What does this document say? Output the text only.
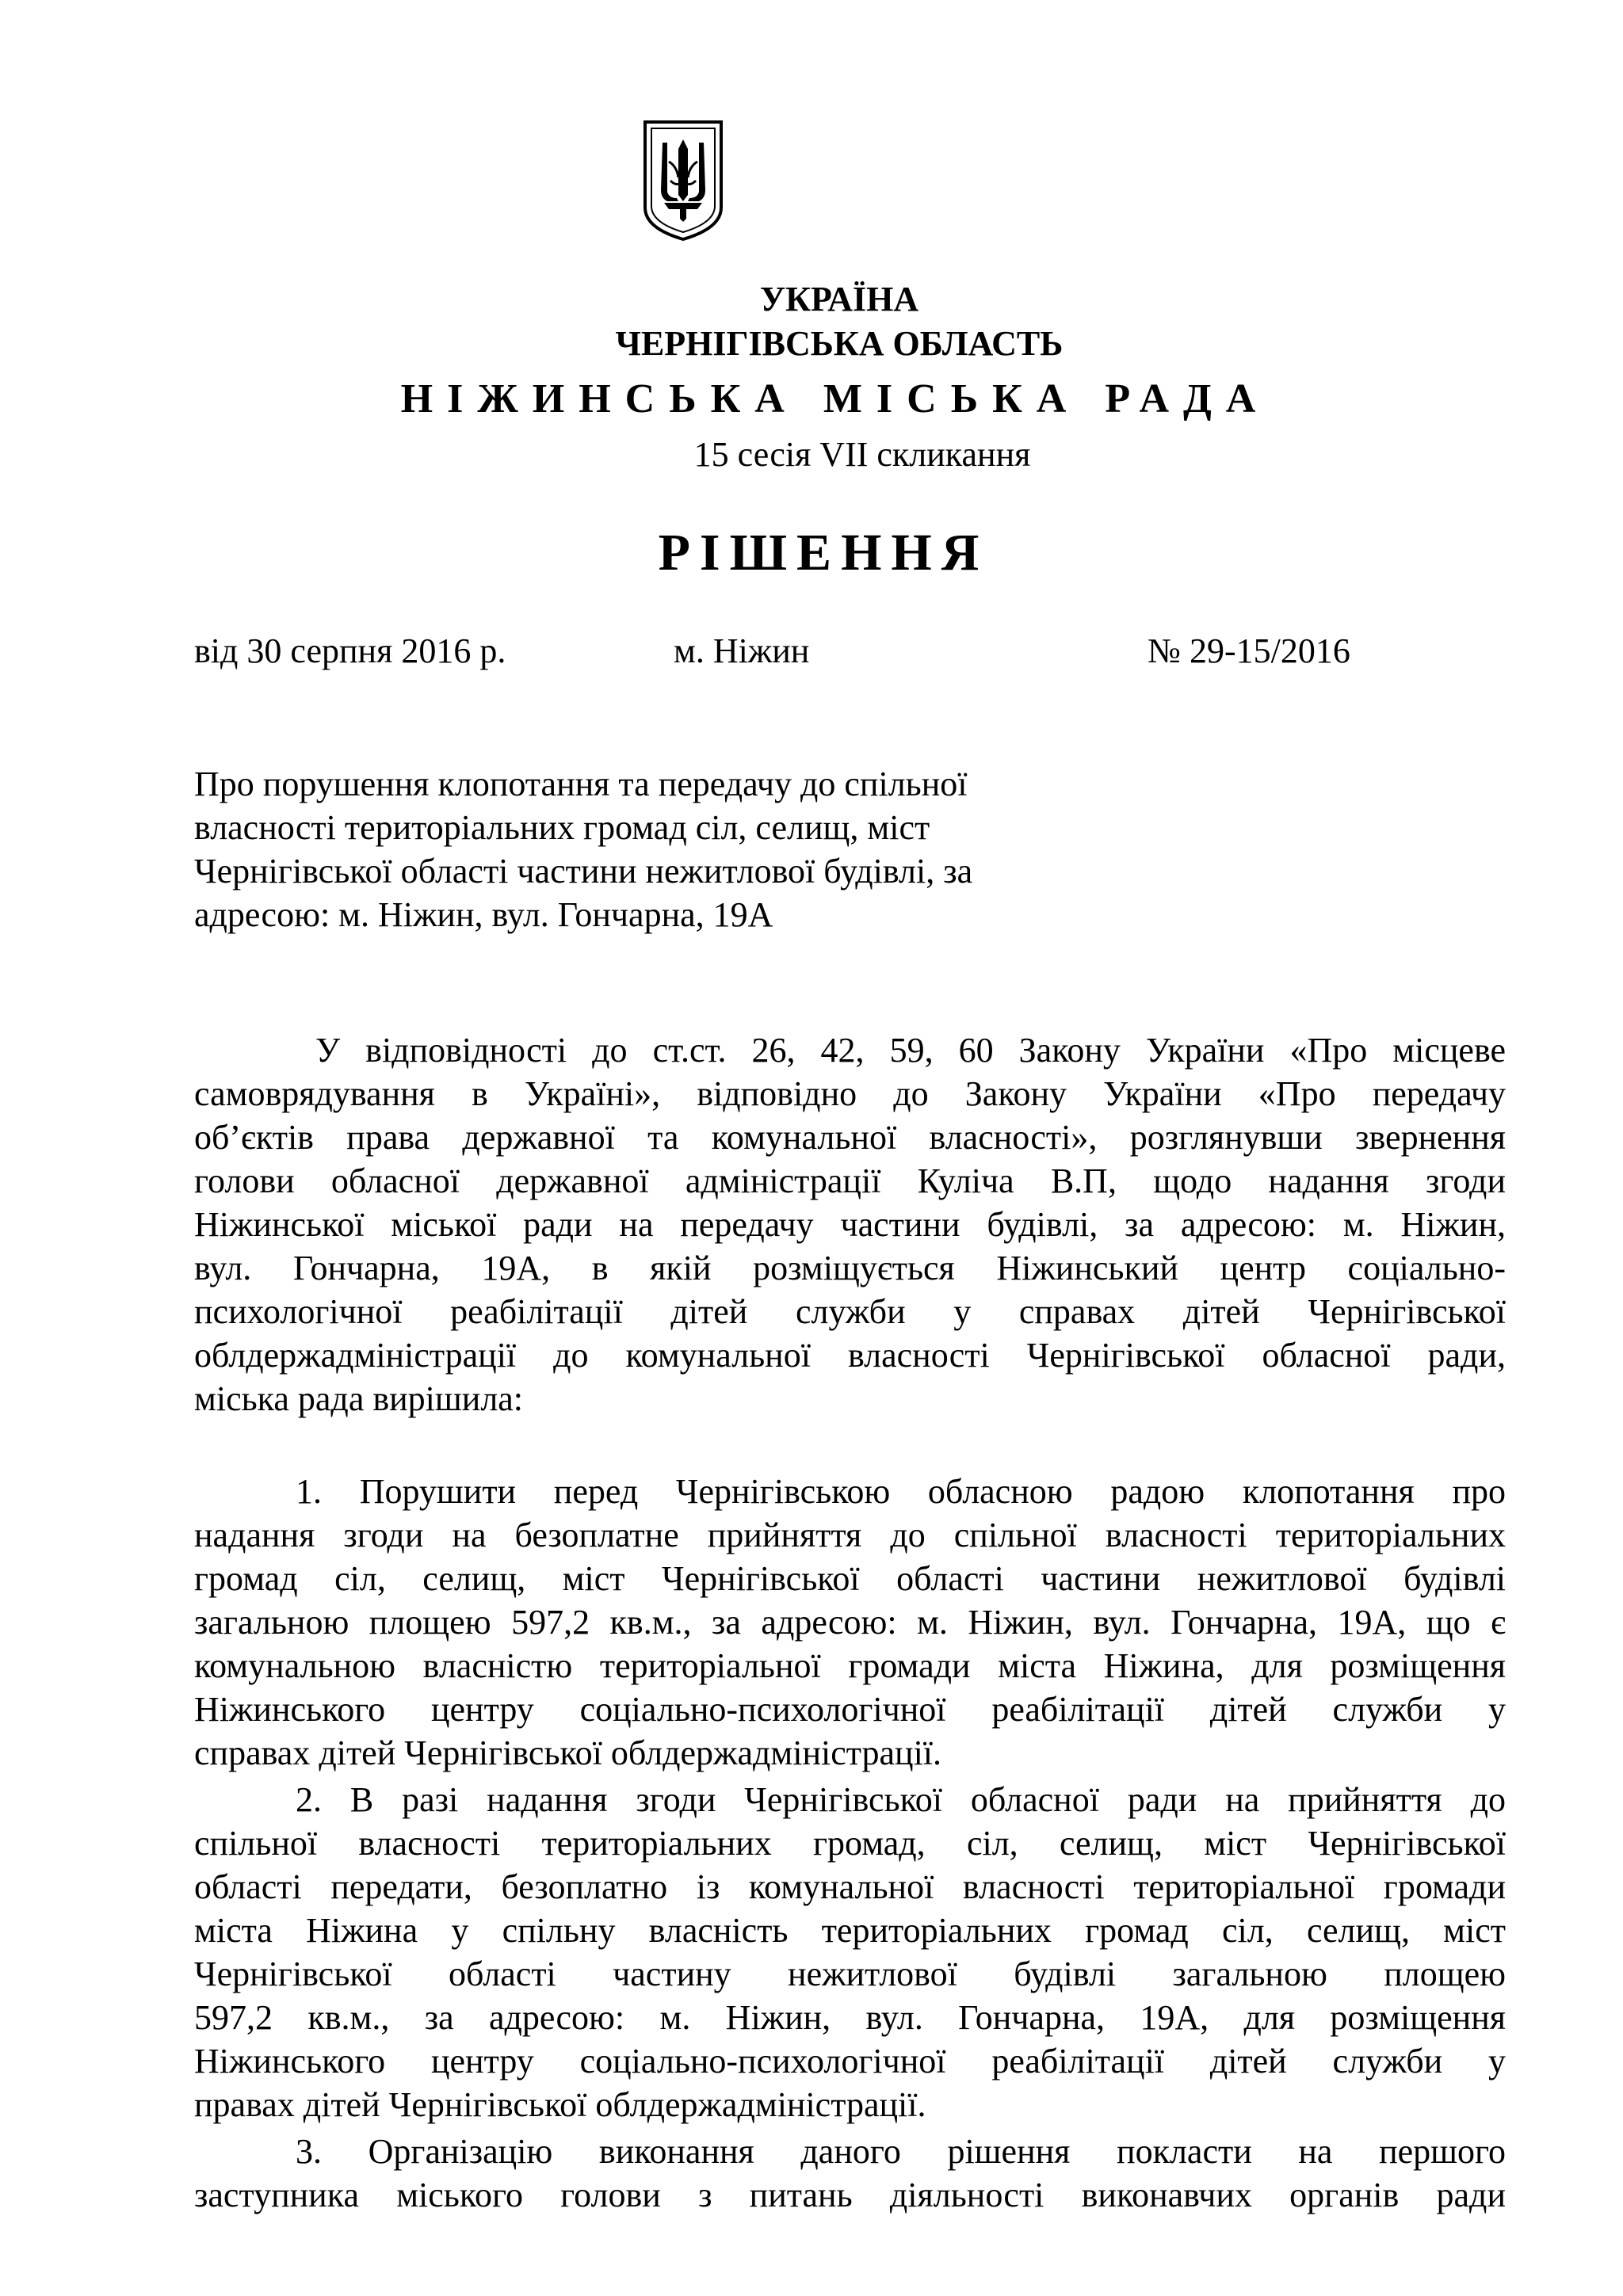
УКРАЇНА
ЧЕРНІГІВСЬКА ОБЛАСТЬ
НІЖИНСЬКА МІСЬКА РАДА
15 сесія VII скликання
РІШЕННЯ
від 30 серпня 2016 р.	м. Ніжин	№ 29-15/2016
Про порушення клопотання та передачу до спільної
власності територіальних громад сіл, селищ, міст
Чернігівської області частини нежитлової будівлі, за
адресою: м. Ніжин, вул. Гончарна, 19А
У відповідності до ст.ст. 26, 42, 59, 60 Закону України «Про місцеве
самоврядування в Україні», відповідно до Закону України «Про передачу
об’єктів права державної та комунальної власності», розглянувши звернення
голови обласної державної адміністрації Куліча В.П, щодо надання згоди
Ніжинської міської ради на передачу частини будівлі, за адресою: м. Ніжин,
вул. Гончарна, 19А, в якій розміщується Ніжинський центр соціально-
психологічної реабілітації дітей служби у справах дітей Чернігівської
облдержадміністрації до комунальної власності Чернігівської обласної ради,
міська рада вирішила:
1. Порушити перед Чернігівською обласною радою клопотання про
надання згоди на безоплатне прийняття до спільної власності територіальних
громад сіл, селищ, міст Чернігівської області частини нежитлової будівлі
загальною площею 597,2 кв.м., за адресою: м. Ніжин, вул. Гончарна, 19А, що є
комунальною власністю територіальної громади міста Ніжина, для розміщення
Ніжинського центру соціально-психологічної реабілітації дітей служби у
справах дітей Чернігівської облдержадміністрації.
2. В разі надання згоди Чернігівської обласної ради на прийняття до
спільної власності територіальних громад, сіл, селищ, міст Чернігівської
області передати, безоплатно із комунальної власності територіальної громади
міста Ніжина у спільну власність територіальних громад сіл, селищ, міст
Чернігівської області частину нежитлової будівлі загальною площею
597,2 кв.м., за адресою: м. Ніжин, вул. Гончарна, 19А, для розміщення
Ніжинського центру соціально-психологічної реабілітації дітей служби у
правах дітей Чернігівської облдержадміністрації.
3. Організацію виконання даного рішення покласти на першого
заступника міського голови з питань діяльності виконавчих органів ради
